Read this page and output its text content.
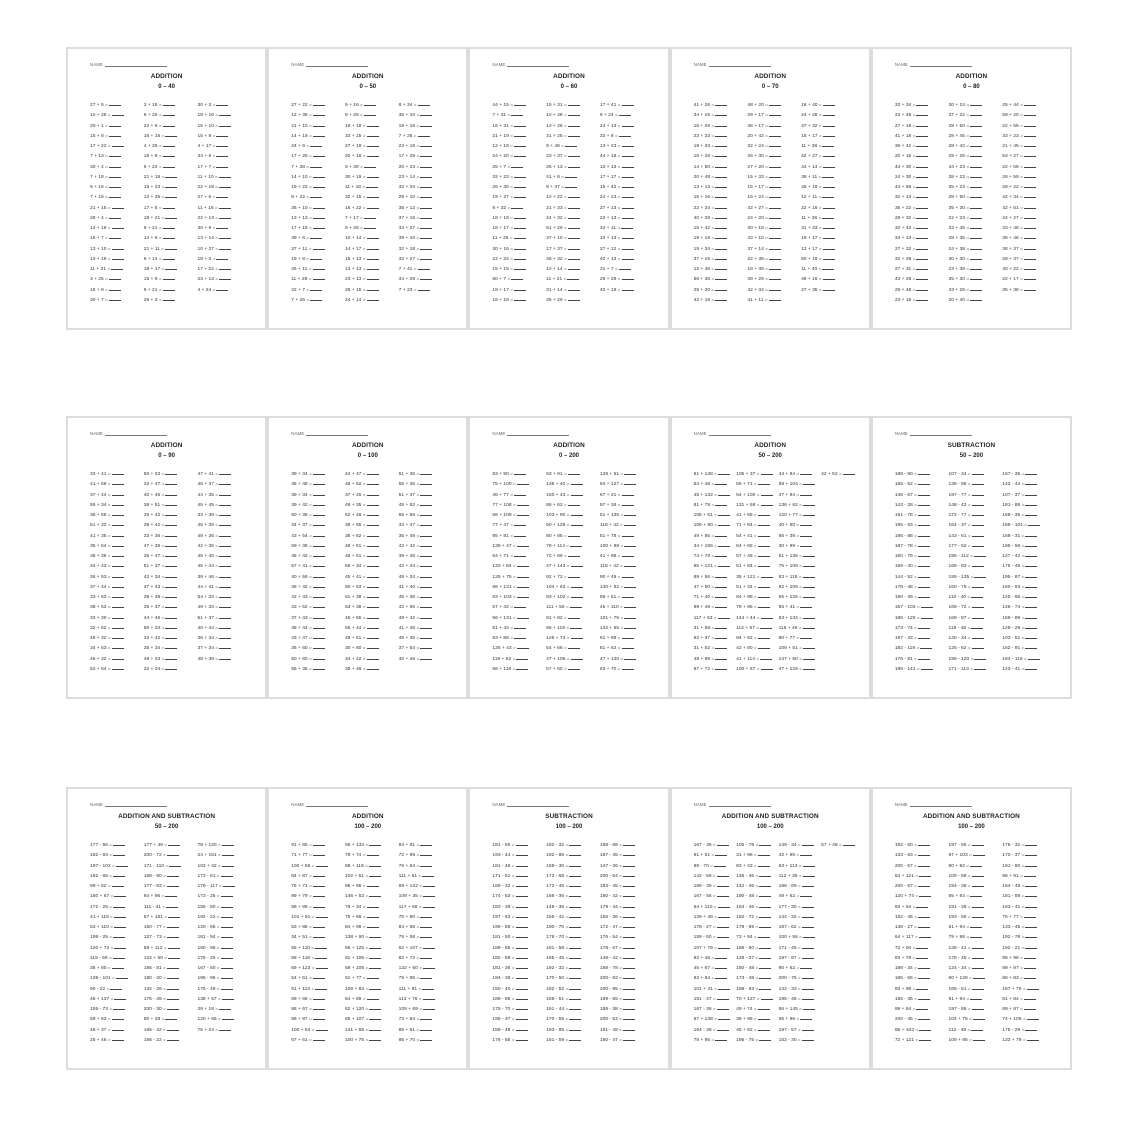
NAME
ADDITION
0 – 40
27 + 5 =
12 + 25 =
20 + 1 =
15 + 8 =
17 + 22 =
7 + 13 =
30 + 4 =
7 + 18 =
9 + 16 =
7 + 16 =
21 + 15 =
28 + 4 =
13 + 19 =
16 + 7 =
13 + 10 =
13 + 19 =
11 + 21 =
3 + 25 =
15 + 9 =
30 + 7 =
3 + 16 =
9 + 25 =
22 + 6 =
16 + 15 =
4 + 26 =
16 + 8 =
9 + 24 =
21 + 15 =
15 + 23 =
13 + 25 =
17 + 5 =
18 + 21 =
9 + 21 =
14 + 6 =
21 + 11 =
9 + 14 =
18 + 17 =
15 + 9 =
9 + 21 =
29 + 3 =
30 + 3 =
18 + 16 =
15 + 10 =
15 + 8 =
4 + 17 =
34 + 6 =
17 + 7 =
11 + 10 =
22 + 18 =
27 + 6 =
11 + 18 =
22 + 13 =
30 + 9 =
13 + 14 =
10 + 27 =
18 + 3 =
17 + 22 =
23 + 13 =
4 + 24 =
NAME
ADDITION
0 – 50
27 + 22 =
12 + 38 =
21 + 10 =
14 + 19 =
24 + 9 =
17 + 26 =
7 + 38 =
14 + 10 =
19 + 23 =
8 + 22 =
36 + 10 =
13 + 13 =
17 + 18 =
39 + 6 =
37 + 11 =
19 + 8 =
26 + 11 =
11 + 28 =
22 + 7 =
7 + 26 =
9 + 16 =
8 + 25 =
19 + 18 =
33 + 15 =
27 + 19 =
20 + 16 =
9 + 39 =
30 + 19 =
11 + 18 =
32 + 15 =
16 + 22 =
7 + 17 =
9 + 26 =
10 + 14 =
14 + 17 =
15 + 13 =
13 + 13 =
23 + 13 =
25 + 15 =
24 + 14 =
8 + 34 =
35 + 10 =
18 + 16 =
7 + 25 =
23 + 19 =
17 + 29 =
20 + 23 =
23 + 14 =
32 + 34 =
29 + 10 =
38 + 12 =
37 + 16 =
34 + 27 =
39 + 10 =
32 + 18 =
32 + 27 =
7 + 41 =
34 + 29 =
7 + 23 =
NAME
ADDITION
0 – 60
44 + 15 =
7 + 31 =
16 + 31 =
21 + 19 =
12 + 16 =
24 + 20 =
25 + 7 =
32 + 23 =
26 + 30 =
19 + 27 =
9 + 32 =
18 + 16 =
18 + 17 =
11 + 26 =
30 + 16 =
22 + 34 =
15 + 15 =
50 + 7 =
19 + 17 =
16 + 18 =
15 + 31 =
12 + 48 =
13 + 26 =
31 + 25 =
9 + 48 =
23 + 37 =
26 + 13 =
41 + 8 =
8 + 37 =
12 + 22 =
21 + 33 =
24 + 32 =
51 + 29 =
37 + 10 =
17 + 37 =
45 + 32 =
12 + 14 =
11 + 21 =
31 + 14 =
25 + 29 =
17 + 41 =
9 + 24 =
24 + 13 =
33 + 8 =
13 + 23 =
44 + 16 =
10 + 13 =
17 + 17 =
15 + 42 =
24 + 23 =
27 + 13 =
22 + 13 =
34 + 11 =
10 + 13 =
27 + 12 =
40 + 13 =
31 + 7 =
29 + 28 =
40 + 19 =
NAME
ADDITION
0 – 70
41 + 26 =
34 + 15 =
16 + 29 =
23 + 33 =
19 + 33 =
16 + 28 =
14 + 50 =
20 + 48 =
13 + 13 =
15 + 16 =
22 + 34 =
40 + 29 =
15 + 42 =
19 + 19 =
15 + 34 =
37 + 15 =
12 + 46 =
56 + 36 =
25 + 20 =
42 + 19 =
48 + 20 =
29 + 17 =
46 + 17 =
20 + 42 =
32 + 24 =
26 + 30 =
27 + 20 =
15 + 33 =
15 + 17 =
15 + 24 =
42 + 27 =
24 + 20 =
30 + 18 =
43 + 10 =
37 + 14 =
22 + 38 =
18 + 49 =
39 + 29 =
42 + 34 =
41 + 11 =
16 + 40 =
24 + 28 =
37 + 32 =
15 + 17 =
11 + 38 =
42 + 27 =
44 + 14 =
38 + 11 =
45 + 19 =
12 + 11 =
22 + 16 =
11 + 36 =
31 + 33 =
19 + 17 =
13 + 17 =
50 + 19 =
11 + 40 =
49 + 16 =
27 + 35 =
NAME
ADDITION
0 – 80
33 + 34 =
23 + 48 =
27 + 18 =
41 + 18 =
36 + 42 =
20 + 15 =
44 + 30 =
24 + 30 =
44 + 56 =
32 + 13 =
35 + 22 =
28 + 32 =
32 + 43 =
34 + 13 =
27 + 32 =
32 + 28 =
27 + 31 =
43 + 28 =
25 + 48 =
23 + 18 =
30 + 24 =
37 + 22 =
28 + 50 =
28 + 45 =
28 + 42 =
29 + 26 =
44 + 23 =
38 + 23 =
35 + 23 =
28 + 50 =
35 + 30 =
22 + 23 =
33 + 45 =
28 + 35 =
24 + 38 =
30 + 30 =
23 + 38 =
35 + 30 =
43 + 26 =
20 + 40 =
25 + 44 =
59 + 20 =
22 + 55 =
33 + 23 =
21 + 45 =
53 + 27 =
22 + 58 =
26 + 59 =
28 + 22 =
42 + 34 =
42 + 51 =
24 + 27 =
33 + 48 =
36 + 46 =
38 + 37 =
28 + 37 =
40 + 22 =
22 + 17 =
35 + 38 =
NAME
ADDITION
0 – 90
33 + 41 =
41 + 59 =
37 + 44 =
55 + 34 =
35 + 55 =
51 + 32 =
41 + 35 =
35 + 54 =
38 + 36 =
34 + 43 =
36 + 53 =
37 + 44 =
33 + 53 =
38 + 53 =
33 + 30 =
32 + 52 =
48 + 32 =
34 + 53 =
46 + 32 =
52 + 54 =
50 + 33 =
32 + 47 =
40 + 46 =
38 + 51 =
35 + 42 =
38 + 42 =
33 + 36 =
47 + 35 =
35 + 47 =
51 + 37 =
42 + 34 =
47 + 43 =
38 + 38 =
35 + 37 =
44 + 46 =
50 + 34 =
32 + 42 =
35 + 34 =
48 + 33 =
32 + 34 =
47 + 41 =
46 + 37 =
44 + 35 =
45 + 45 =
33 + 38 =
45 + 35 =
48 + 36 =
42 + 35 =
45 + 40 =
45 + 44 =
39 + 46 =
44 + 41 =
54 + 33 =
49 + 33 =
51 + 37 =
40 + 44 =
36 + 34 =
37 + 34 =
48 + 38 =
NAME
ADDITION
0 – 100
39 + 34 =
36 + 48 =
39 + 34 =
39 + 42 =
60 + 38 =
34 + 37 =
43 + 54 =
59 + 38 =
46 + 42 =
57 + 41 =
40 + 59 =
38 + 42 =
42 + 43 =
33 + 52 =
37 + 43 =
38 + 44 =
43 + 47 =
36 + 60 =
50 + 60 =
55 + 36 =
44 + 47 =
48 + 52 =
37 + 45 =
49 + 35 =
52 + 46 =
39 + 55 =
35 + 62 =
48 + 51 =
48 + 51 =
56 + 34 =
45 + 41 =
50 + 53 =
61 + 38 =
53 + 38 =
45 + 55 =
55 + 44 =
48 + 51 =
30 + 60 =
34 + 42 =
35 + 46 =
61 + 36 =
55 + 36 =
51 + 37 =
45 + 52 =
55 + 56 =
34 + 47 =
35 + 49 =
42 + 42 =
39 + 48 =
42 + 44 =
49 + 34 =
41 + 40 =
45 + 36 =
42 + 56 =
49 + 42 =
41 + 48 =
45 + 35 =
37 + 54 =
40 + 46 =
NAME
ADDITION
0 – 200
83 + 50 =
75 + 100 =
46 + 77 =
77 + 108 =
56 + 109 =
77 + 47 =
95 + 81 =
136 + 47 =
64 + 71 =
133 + 64 =
125 + 75 =
66 + 131 =
63 + 103 =
57 + 42 =
56 + 131 =
61 + 43 =
93 + 88 =
125 + 43 =
119 + 62 =
56 + 118 =
63 + 91 =
138 + 40 =
150 + 43 =
86 + 62 =
103 + 90 =
60 + 128 =
80 + 85 =
79 + 114 =
72 + 89 =
47 + 143 =
92 + 72 =
104 + 63 =
83 + 102 =
111 + 55 =
81 + 82 =
65 + 119 =
126 + 74 =
54 + 66 =
47 + 106 =
57 + 60 =
129 + 51 =
64 + 127 =
67 + 21 =
97 + 36 =
51 + 135 =
118 + 42 =
51 + 78 =
100 + 88 =
41 + 96 =
118 + 42 =
90 + 49 =
140 + 52 =
86 + 51 =
45 + 110 =
101 + 75 =
142 + 55 =
91 + 89 =
81 + 62 =
47 + 140 =
63 + 70 =
NAME
ADDITION
50 – 200
51 + 138 =
54 + 48 =
45 + 132 =
81 + 79 =
105 + 51 =
106 + 80 =
49 + 85 =
34 + 155 =
74 + 78 =
55 + 121 =
89 + 56 =
47 + 50 =
71 + 40 =
89 + 49 =
117 + 53 =
31 + 58 =
52 + 37 =
31 + 52 =
48 + 98 =
67 + 72 =
105 + 37 =
55 + 71 =
54 + 100 =
131 + 58 =
41 + 58 =
71 + 84 =
54 + 41 =
64 + 65 =
57 + 48 =
51 + 84 =
35 + 121 =
51 + 34 =
84 + 99 =
79 + 95 =
144 + 44 =
112 + 67 =
94 + 62 =
42 + 80 =
41 + 114 =
100 + 67 =
44 + 84 =
58 + 104 =
47 + 84 =
136 + 62 =
120 + 77 =
40 + 50 =
65 + 39 =
30 + 99 =
51 + 136 =
75 + 109 =
83 + 116 =
82 + 105 =
55 + 125 =
56 + 41 =
53 + 134 =
116 + 49 =
90 + 77 =
109 + 51 =
147 + 50 =
47 + 129 =
42 + 52 =
NAME
SUBTRACTION
50 – 200
188 - 90 =
155 - 52 =
146 - 67 =
143 - 28 =
151 - 78 =
195 - 63 =
195 - 88 =
187 - 78 =
160 - 79 =
159 - 40 =
144 - 52 =
178 - 48 =
190 - 39 =
157 - 103 =
196 - 125 =
173 - 74 =
197 - 33 =
182 - 119 =
176 - 81 =
189 - 141 =
107 - 34 =
138 - 88 =
197 - 77 =
148 - 43 =
172 - 77 =
164 - 37 =
143 - 61 =
177 - 52 =
195 - 112 =
168 - 83 =
195 - 135 =
160 - 75 =
110 - 40 =
169 - 72 =
168 - 97 =
119 - 48 =
140 - 34 =
125 - 62 =
196 - 120 =
171 - 113 =
167 - 35 =
143 - 44 =
107 - 37 =
181 - 88 =
158 - 35 =
188 - 101 =
168 - 31 =
195 - 56 =
127 - 42 =
175 - 46 =
195 - 87 =
160 - 93 =
120 - 66 =
146 - 74 =
159 - 89 =
129 - 29 =
103 - 51 =
162 - 91 =
184 - 116 =
123 - 41 =
NAME
ADDITION AND SUBTRACTION
50 – 200
177 - 56 =
182 - 93 =
197 - 102 =
182 - 65 =
99 + 52 =
160 + 67 =
172 - 25 =
41 + 116 =
63 + 110 =
198 - 25 =
120 + 72 =
115 - 59 =
35 + 80 =
138 - 101 =
90 - 22 =
46 + 137 =
155 - 73 =
59 + 63 =
46 + 37 =
25 + 46 =
177 + 48 =
200 - 72 =
171 - 110 =
168 - 80 =
177 - 83 =
94 + 96 =
111 - 41 =
57 + 161 =
160 - 77 =
127 - 73 =
59 + 112 =
122 + 60 =
185 - 81 =
180 - 20 =
132 - 26 =
175 - 39 =
200 - 30 =
50 + 28 =
165 - 42 =
166 - 22 =
78 + 120 =
24 + 161 =
103 + 42 =
173 - 61 =
179 - 117 =
173 - 25 =
155 - 80 =
182 - 22 =
120 - 65 =
181 - 94 =
150 - 96 =
175 - 25 =
167 - 60 =
195 - 96 =
175 - 48 =
138 + 57 =
29 + 18 =
120 + 65 =
75 + 24 =
NAME
ADDITION
100 – 200
91 + 65 =
71 + 77 =
100 + 56 =
84 + 87 =
75 + 71 =
99 + 79 =
58 + 89 =
101 + 91 =
53 + 88 =
34 + 51 =
55 + 110 =
68 + 118 =
69 + 123 =
54 + 61 =
51 + 113 =
69 + 66 =
88 + 67 =
56 + 87 =
100 + 54 =
67 + 61 =
56 + 134 =
78 + 74 =
68 + 118 =
102 + 51 =
96 + 96 =
146 + 53 =
76 + 34 =
75 + 56 =
84 + 98 =
138 + 90 =
56 + 125 =
81 + 106 =
59 + 105 =
61 + 77 =
108 + 84 =
64 + 89 =
62 + 120 =
65 + 107 =
141 + 55 =
100 + 75 =
94 + 81 =
72 + 99 =
76 + 64 =
111 + 51 =
69 + 122 =
109 + 35 =
117 + 58 =
70 + 90 =
84 + 68 =
75 + 58 =
62 + 107 =
82 + 72 =
132 + 60 =
75 + 85 =
111 + 81 =
113 + 76 =
109 + 69 =
73 + 84 =
85 + 61 =
86 + 70 =
NAME
SUBTRACTION
100 – 200
181 - 56 =
193 - 44 =
181 - 46 =
171 - 51 =
169 - 32 =
174 - 53 =
183 - 38 =
197 - 63 =
199 - 59 =
181 - 50 =
189 - 85 =
182 - 58 =
181 - 36 =
194 - 39 =
150 - 40 =
189 - 85 =
175 - 70 =
195 - 37 =
158 - 49 =
178 - 65 =
182 - 32 =
192 - 86 =
159 - 30 =
173 - 68 =
172 - 46 =
166 - 36 =
148 - 36 =
155 - 42 =
190 - 70 =
178 - 70 =
181 - 58 =
185 - 45 =
192 - 32 =
170 - 50 =
182 - 52 =
169 - 51 =
161 - 44 =
170 - 55 =
193 - 85 =
161 - 59 =
188 - 88 =
197 - 45 =
147 - 36 =
200 - 54 =
193 - 45 =
160 - 42 =
179 - 44 =
155 - 36 =
172 - 47 =
176 - 54 =
178 - 67 =
149 - 42 =
188 - 78 =
200 - 83 =
200 - 85 =
189 - 55 =
189 - 38 =
200 - 53 =
191 - 48 =
160 - 47 =
NAME
ADDITION AND SUBTRACTION
100 – 200
167 - 35 =
91 + 51 =
89 - 70 =
142 - 56 =
189 - 30 =
167 - 56 =
54 + 110 =
139 + 48 =
178 - 27 =
159 - 50 =
107 + 79 =
82 + 46 =
45 + 67 =
92 + 84 =
101 + 31 =
151 - 47 =
167 - 36 =
57 + 138 =
164 - 48 =
78 + 95 =
105 - 78 =
31 + 96 =
83 + 43 =
146 - 46 =
142 - 46 =
190 - 48 =
164 - 46 =
182 - 72 =
178 - 69 =
73 + 84 =
186 - 60 =
129 - 37 =
150 - 48 =
173 - 48 =
189 - 63 =
70 + 127 =
49 + 74 =
38 + 98 =
45 + 82 =
195 - 75 =
149 - 34 =
42 + 95 =
63 + 113 =
112 + 35 =
186 - 69 =
49 + 62 =
177 - 30 =
144 - 32 =
187 - 62 =
100 + 56 =
171 - 45 =
197 - 87 =
90 + 62 =
200 - 76 =
132 - 33 =
195 - 48 =
56 + 145 =
65 + 96 =
197 - 57 =
152 - 30 =
57 + 48 =
NAME
ADDITION AND SUBTRACTION
100 – 200
192 - 50 =
133 - 63 =
200 - 57 =
64 + 121 =
200 - 67 =
120 + 74 =
93 + 64 =
182 - 45 =
138 - 27 =
64 + 117 =
72 + 94 =
93 + 78 =
189 - 34 =
185 - 55 =
93 + 98 =
155 - 35 =
99 + 64 =
200 - 45 =
85 + 103 =
72 + 121 =
197 - 55 =
97 + 103 =
80 + 92 =
109 - 59 =
194 - 38 =
85 + 84 =
191 - 36 =
193 - 56 =
61 + 94 =
79 + 98 =
148 - 41 =
178 - 45 =
124 - 34 =
60 + 128 =
165 - 51 =
91 + 94 =
197 - 86 =
104 + 75 =
112 - 48 =
109 + 85 =
176 - 32 =
170 - 37 =
191 - 80 =
96 + 91 =
154 - 48 =
181 - 88 =
183 - 41 =
75 + 77 =
133 - 45 =
192 - 79 =
192 - 21 =
95 + 98 =
89 + 97 =
86 + 83 =
187 + 76 =
81 + 84 =
89 + 87 =
74 + 109 =
175 - 29 =
133 + 79 =
